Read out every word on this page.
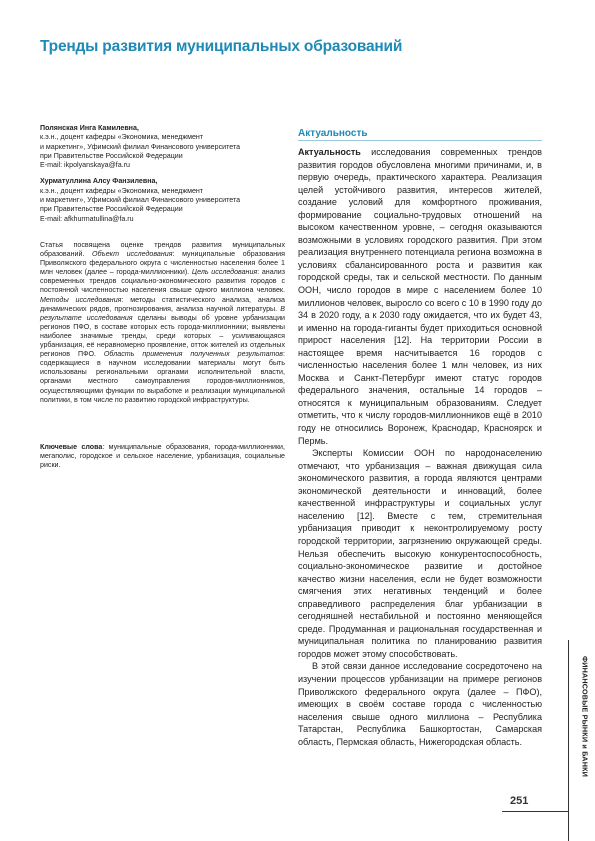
Тренды развития муниципальных образований
Полянская Инга Камилевна,
к.э.н., доцент кафедры «Экономика, менеджмент
и маркетинг», Уфимский филиал Финансового университета
при Правительстве Российской Федерации
E-mail: ikpolyanskaya@fa.ru
Хурматуллина Алсу Фанзилевна,
к.э.н., доцент кафедры «Экономика, менеджмент
и маркетинг», Уфимский филиал Финансового университета
при Правительстве Российской Федерации
E-mail: afkhurmatullina@fa.ru

Статья посвящена оценке трендов развития муниципальных образований. Объект исследования: муниципальные образования Приволжского федерального округа с численностью населения более 1 млн человек (далее – города-миллионники). Цель исследования: анализ современных трендов социально-экономического развития городов с постоянной численностью населения свыше одного миллиона человек. Методы исследования: методы статистического анализа, анализа динамических рядов, прогнозирования, анализа научной литературы. В результате исследования сделаны выводы об уровне урбанизации регионов ПФО, в составе которых есть города-миллионники; выявлены наиболее значимые тренды, среди которых – усиливающаяся урбанизация, её неравномерно проявление, отток жителей из отдельных регионов ПФО. Область применения полученных результатов: содержащиеся в научном исследовании материалы могут быть использованы региональными органами исполнительной власти, органами местного самоуправления городов-миллионников, осуществляющими функции по выработке и реализации муниципальной политики, в том числе по развитию городской инфраструктуры.

Ключевые слова: муниципальные образования, города-миллионники, мегаполис, городское и сельское население, урбанизация, социальные риски.
Актуальность

Актуальность исследования современных трендов развития городов обусловлена многими причинами, и, в первую очередь, практического характера. Реализация целей устойчивого развития, интересов жителей, создание условий для комфортного проживания, формирование социально-трудовых отношений на высоком качественном уровне, – сегодня оказываются возможными в условиях городского развития. При этом реализация внутреннего потенциала региона возможна в условиях сбалансированного роста и развития как городской среды, так и сельской местности. По данным ООН, число городов в мире с населением более 10 миллионов человек, выросло со всего с 10 в 1990 году до 34 в 2020 году, а к 2030 году ожидается, что их будет 43, и именно на города-гиганты будет приходиться основной прирост населения [12]. На территории России в настоящее время насчитывается 16 городов с численностью населения более 1 млн человек, из них Москва и Санкт-Петербург имеют статус городов федерального значения, остальные 14 городов – относятся к муниципальным образованиям. Следует отметить, что к числу городов-миллионников ещё в 2010 году не относились Воронеж, Краснодар, Красноярск и Пермь.

Эксперты Комиссии ООН по народонаселению отмечают, что урбанизация – важная движущая сила экономического развития, а города являются центрами экономической деятельности и инноваций, более качественной инфраструктуры и социальных услуг населению [12]. Вместе с тем, стремительная урбанизация приводит к неконтролируемому росту городской территории, загрязнению окружающей среды. Нельзя обеспечить высокую конкурентоспособность, социально-экономическое развитие и достойное качество жизни населения, если не будет возможности смягчения этих негативных тенденций и более справедливого распределения благ урбанизации в сегодняшней нестабильной и постоянно меняющейся среде. Продуманная и рациональная государственная и муниципальная политика по планированию развития городов может этому способствовать.

В этой связи данное исследование сосредоточено на изучении процессов урбанизации на примере регионов Приволжского федерального округа (далее – ПФО), имеющих в своём составе города с численностью населения свыше одного миллиона – Республика Татарстан, Республика Башкортостан, Самарская область, Пермская область, Нижегородская область.	ФИНАНСОВЫЕ РЫНКИ и БАНКИ
251
